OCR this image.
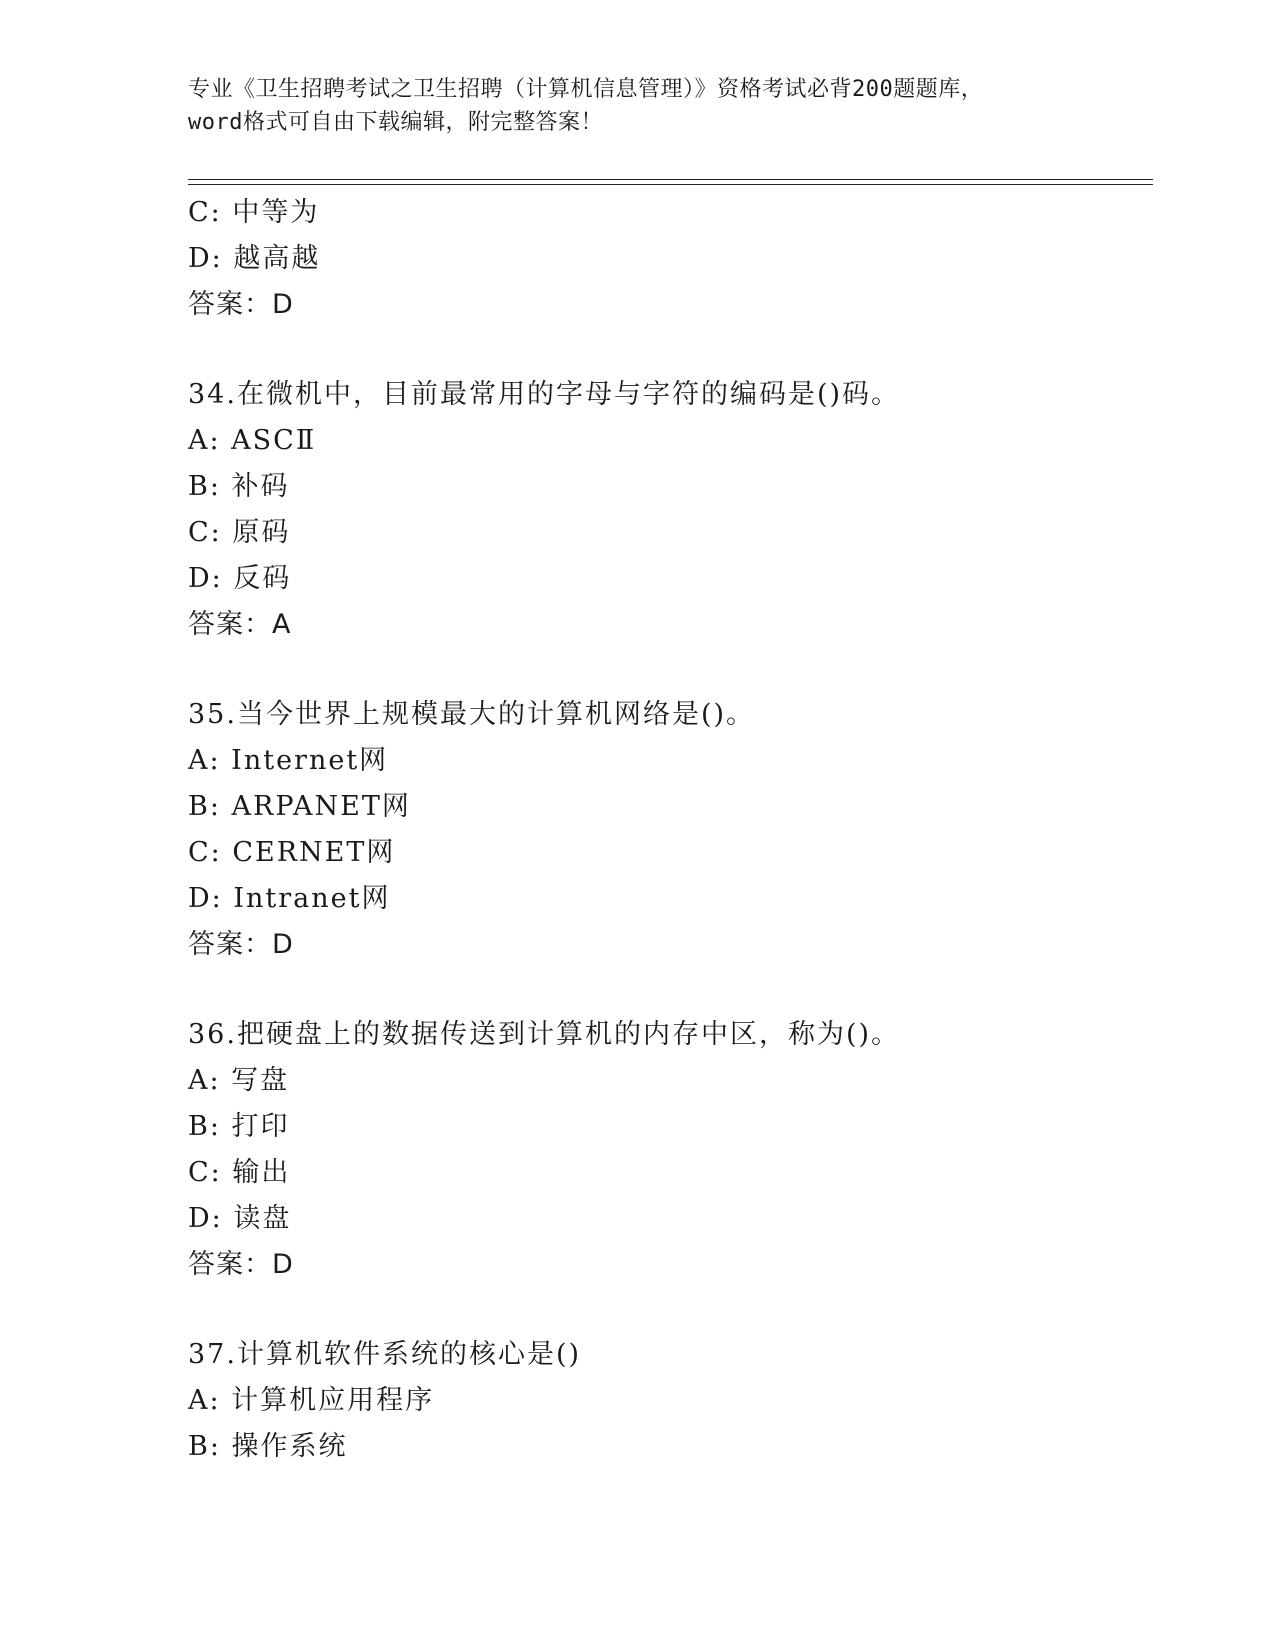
专业《卫生招聘考试之卫生招聘（计算机信息管理）》资格考试必背200题题库，
word格式可自由下载编辑，附完整答案！
C: 中等为
D: 越高越
答案：D
34.在微机中，目前最常用的字母与字符的编码是()码。
A: ASCⅡ
B: 补码
C: 原码
D: 反码
答案：A
35.当今世界上规模最大的计算机网络是()。
A: Internet网
B: ARPANET网
C: CERNET网
D: Intranet网
答案：D
36.把硬盘上的数据传送到计算机的内存中区，称为()。
A: 写盘
B: 打印
C: 输出
D: 读盘
答案：D
37.计算机软件系统的核心是()
A: 计算机应用程序
B: 操作系统
